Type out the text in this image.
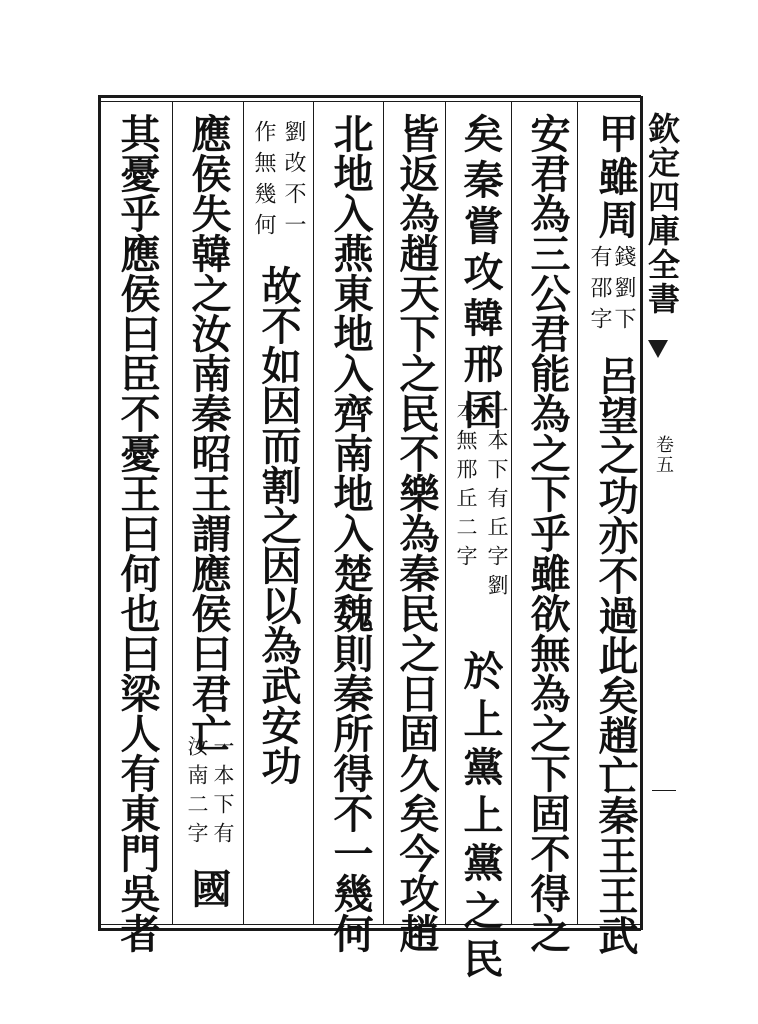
欽定四庫全書
卷五
甲雖周
錢劉下
有邵字
呂望之功亦不過此矣趙亡秦王王武
安君為三公君能為之下乎雖欲無為之下固不得之
矣秦嘗攻韓邢囷
一本下有丘字劉
本無邢丘二字
於上黨上黨之民
皆返為趙天下之民不樂為秦民之日固久矣今攻趙
北地入燕東地入齊南地入楚魏則秦所得不一幾何
劉改不一
作無幾何
故不如因而割之因以為武安功
應侯失韓之汝南秦昭王謂應侯曰君亡
一本下有
汝南二字
國
其憂乎應侯曰臣不憂王曰何也曰梁人有東門吳者
